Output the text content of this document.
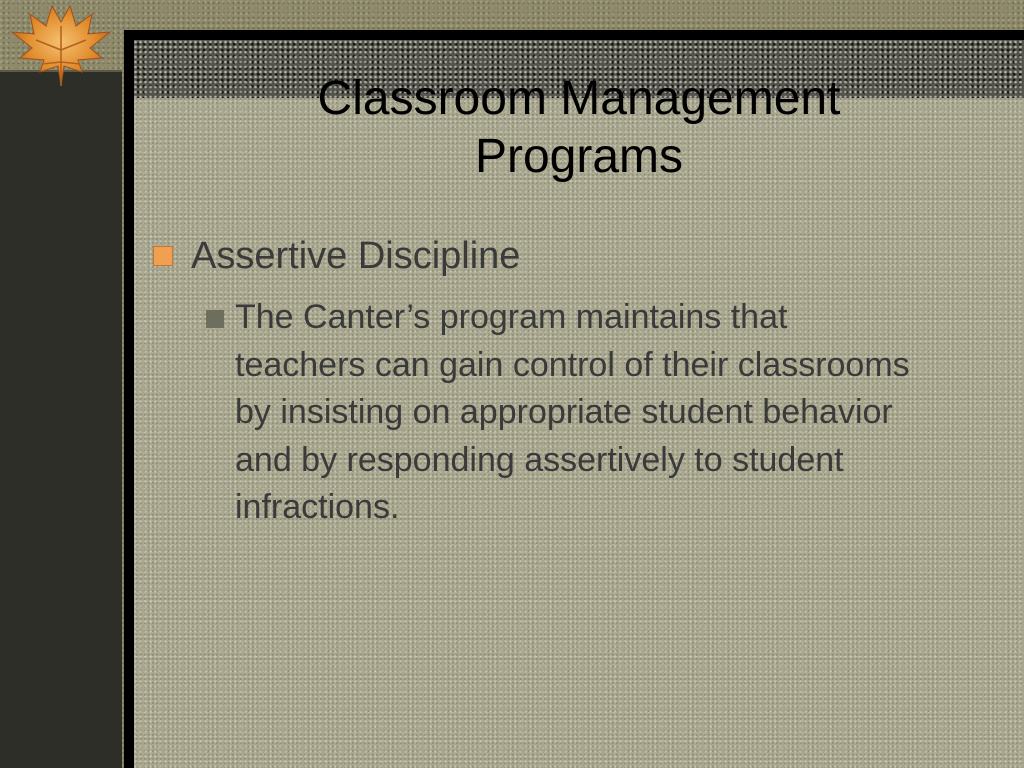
Classroom Management
Programs
Assertive Discipline
The Canter’s program maintains that teachers can gain control of their classrooms by insisting on appropriate student behavior and by responding assertively to student infractions.
